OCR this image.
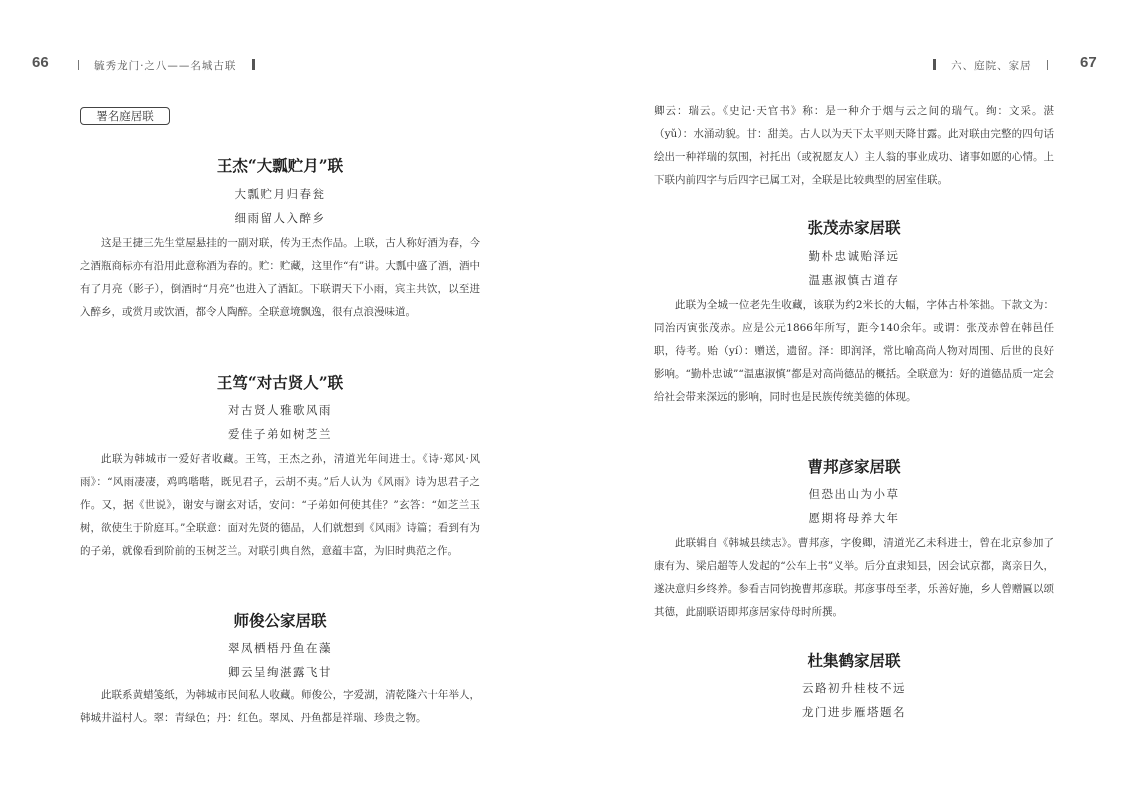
66	毓秀龙门·之八——名城古联
署名庭居联
王杰“大瓢贮月”联
大瓢贮月归春瓮
细雨留人入醉乡
这是王捷三先生堂屋悬挂的一副对联，传为王杰作品。上联，古人称好酒为春，今之酒瓶商标亦有沿用此意称酒为春的。贮：贮藏，这里作“有”讲。大瓢中盛了酒，酒中有了月亮（影子），倒酒时“月亮”也进入了酒缸。下联谓天下小雨，宾主共饮，以至进入醉乡，或赏月或饮酒，都令人陶醉。全联意境飘逸，很有点浪漫味道。
王笃“对古贤人”联
对古贤人雅歌风雨
爱佳子弟如树芝兰
此联为韩城市一爱好者收藏。王笃，王杰之孙，清道光年间进士。《诗·郑风·风雨》：“风雨凄凄，鸡鸣喈喈，既见君子，云胡不夷。”后人认为《风雨》诗为思君子之作。又，据《世说》，谢安与谢玄对话，安问：“子弟如何使其佳？”玄答：“如芝兰玉树，欲使生于阶庭耳。”全联意：面对先贤的德品，人们就想到《风雨》诗篇；看到有为的子弟，就像看到阶前的玉树芝兰。对联引典自然，意蕴丰富，为旧时典范之作。
师俊公家居联
翠凤栖梧丹鱼在藻
卿云呈绚湛露飞甘
此联系黄蜡笺纸，为韩城市民间私人收藏。师俊公，字爱湖，清乾隆六十年举人，韩城井溢村人。翠：青绿色；丹：红色。翠凤、丹鱼都是祥瑞、珍贵之物。
六、庭院、家居	67
卿云：瑞云。《史记·天官书》称：是一种介于烟与云之间的瑞气。绚：文采。湛（yǔ）：水涌动貌。甘：甜美。古人以为天下太平则天降甘露。此对联由完整的四句话绘出一种祥瑞的氛围，衬托出（或祝愿友人）主人翁的事业成功、诸事如愿的心情。上下联内前四字与后四字已属工对，全联是比较典型的居室佳联。
张茂赤家居联
勤朴忠诚贻泽远
温惠淑慎古道存
此联为全城一位老先生收藏，该联为约2米长的大幅，字体古朴笨拙。下款文为：同治丙寅张茂赤。应是公元1866年所写，距今140余年。或谓：张茂赤曾在韩邑任职，待考。贻（yí）：赠送，遗留。泽：即润泽，常比喻高尚人物对周围、后世的良好影响。“勤朴忠诚”“温惠淑慎”都是对高尚德品的概括。全联意为：好的道德品质一定会给社会带来深远的影响，同时也是民族传统美德的体现。
曹邦彦家居联
但恐出山为小草
愿期将母养大年
此联辑自《韩城县续志》。曹邦彦，字俊卿，清道光乙未科进士，曾在北京参加了康有为、梁启超等人发起的“公车上书”义举。后分直隶知县，因会试京都，离亲日久，遂决意归乡终养。参看吉同钧挽曹邦彦联。邦彦事母至孝，乐善好施，乡人曾赠匾以颂其德，此副联语即邦彦居家侍母时所撰。
杜集鹤家居联
云路初升桂枝不远
龙门进步雁塔题名
